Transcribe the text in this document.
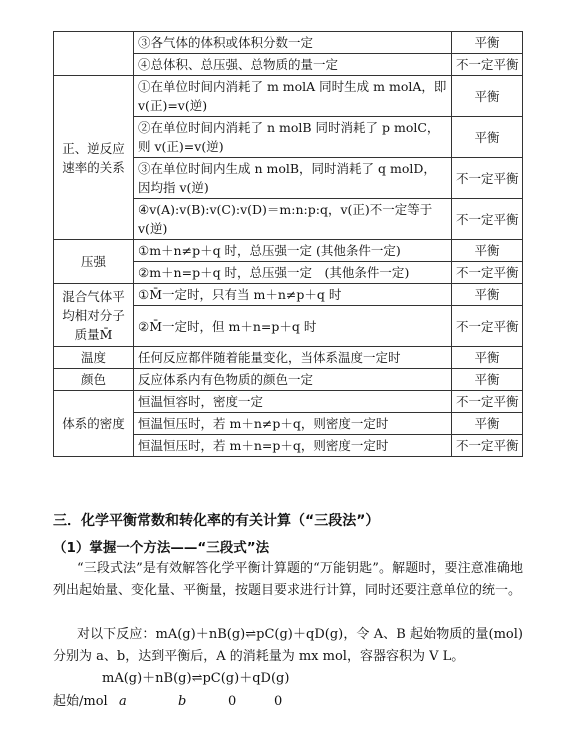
	③各气体的体积或体积分数一定	平衡
	④总体积、总压强、总物质的量一定	不一定平衡
正、逆反应速率的关系	①在单位时间内消耗了 m molA 同时生成 m molA，即 v(正)=v(逆)	平衡
	②在单位时间内消耗了 n molB 同时消耗了 p molC，则 v(正)=v(逆)	平衡
	③在单位时间内生成 n molB，同时消耗了 q molD，因均指 v(逆)	不一定平衡
	④v(A):v(B):v(C):v(D)＝m:n:p:q，v(正)不一定等于v(逆)	不一定平衡
压强	①m＋n≠p＋q 时，总压强一定 (其他条件一定)	平衡
	②m＋n=p＋q 时，总压强一定　(其他条件一定)	不一定平衡
混合气体平均相对分子质量M̄	①M̄一定时，只有当 m＋n≠p＋q 时	平衡
	②M̄一定时，但 m＋n=p＋q 时	不一定平衡
温度	任何反应都伴随着能量变化，当体系温度一定时	平衡
颜色	反应体系内有色物质的颜色一定	平衡
体系的密度	恒温恒容时，密度一定	不一定平衡
	恒温恒压时，若 m＋n≠p＋q，则密度一定时	平衡
	恒温恒压时，若 m＋n=p＋q，则密度一定时	不一定平衡
三．化学平衡常数和转化率的有关计算（“三段法”）
（1）掌握一个方法——“三段式”法
“三段式法”是有效解答化学平衡计算题的“万能钥匙”。解题时，要注意准确地列出起始量、变化量、平衡量，按题目要求进行计算，同时还要注意单位的统一。
对以下反应：mA(g)＋nB(g)⇌pC(g)＋qD(g)，令 A、B 起始物质的量(mol)分别为 a、b，达到平衡后，A 的消耗量为 mx mol，容器容积为 V L。
mA(g)＋nB(g)⇌pC(g)＋qD(g)
起始/mol a	b	0	0
